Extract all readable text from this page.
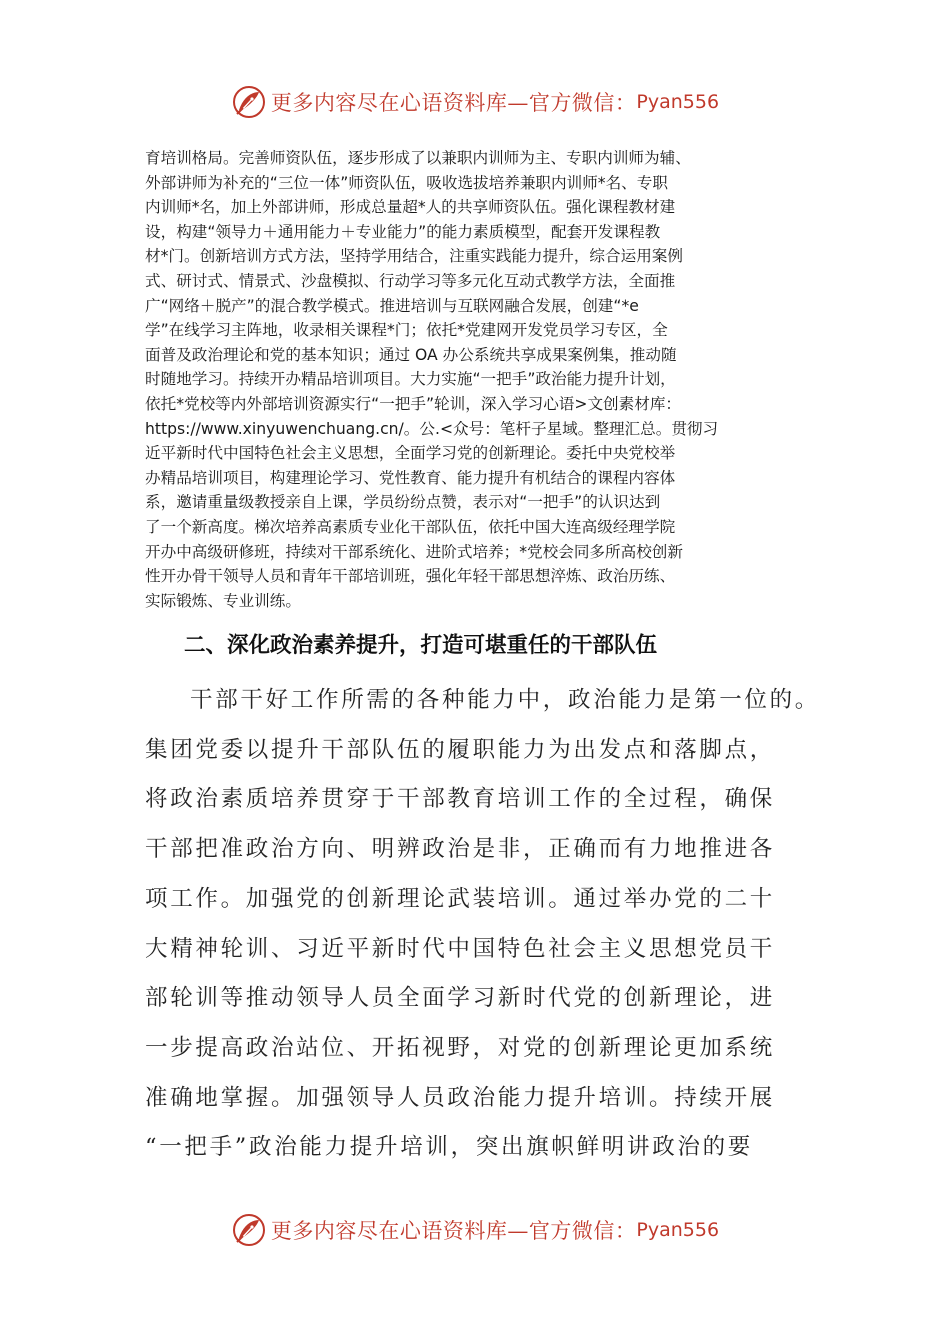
更多内容尽在心语资料库—官方微信： Pyan556
育培训格局。完善师资队伍，逐步形成了以兼职内训师为主、专职内训师为辅、
外部讲师为补充的“三位一体”师资队伍，吸收选拔培养兼职内训师*名、专职
内训师*名，加上外部讲师，形成总量超*人的共享师资队伍。强化课程教材建
设，构建“领导力＋通用能力＋专业能力”的能力素质模型，配套开发课程教
材*门。创新培训方式方法，坚持学用结合，注重实践能力提升，综合运用案例
式、研讨式、情景式、沙盘模拟、行动学习等多元化互动式教学方法，全面推
广“网络＋脱产”的混合教学模式。推进培训与互联网融合发展，创建“*e
学”在线学习主阵地，收录相关课程*门；依托*党建网开发党员学习专区，全
面普及政治理论和党的基本知识；通过 OA 办公系统共享成果案例集，推动随
时随地学习。持续开办精品培训项目。大力实施“一把手”政治能力提升计划，
依托*党校等内外部培训资源实行“一把手”轮训，深入学习心语>文创素材库：
https://www.xinyuwenchuang.cn/。公.<众号：笔杆子星域。整理汇总。贯彻习
近平新时代中国特色社会主义思想，全面学习党的创新理论。委托中央党校举
办精品培训项目，构建理论学习、党性教育、能力提升有机结合的课程内容体
系，邀请重量级教授亲自上课，学员纷纷点赞，表示对“一把手”的认识达到
了一个新高度。梯次培养高素质专业化干部队伍，依托中国大连高级经理学院
开办中高级研修班，持续对干部系统化、进阶式培养；*党校会同多所高校创新
性开办骨干领导人员和青年干部培训班，强化年轻干部思想淬炼、政治历练、
实际锻炼、专业训练。
二、深化政治素养提升，打造可堪重任的干部队伍
干部干好工作所需的各种能力中，政治能力是第一位的。
集团党委以提升干部队伍的履职能力为出发点和落脚点，
将政治素质培养贯穿于干部教育培训工作的全过程，确保
干部把准政治方向、明辨政治是非，正确而有力地推进各
项工作。加强党的创新理论武装培训。通过举办党的二十
大精神轮训、习近平新时代中国特色社会主义思想党员干
部轮训等推动领导人员全面学习新时代党的创新理论，进
一步提高政治站位、开拓视野，对党的创新理论更加系统
准确地掌握。加强领导人员政治能力提升培训。持续开展
“一把手”政治能力提升培训，突出旗帜鲜明讲政治的要
更多内容尽在心语资料库—官方微信： Pyan556
